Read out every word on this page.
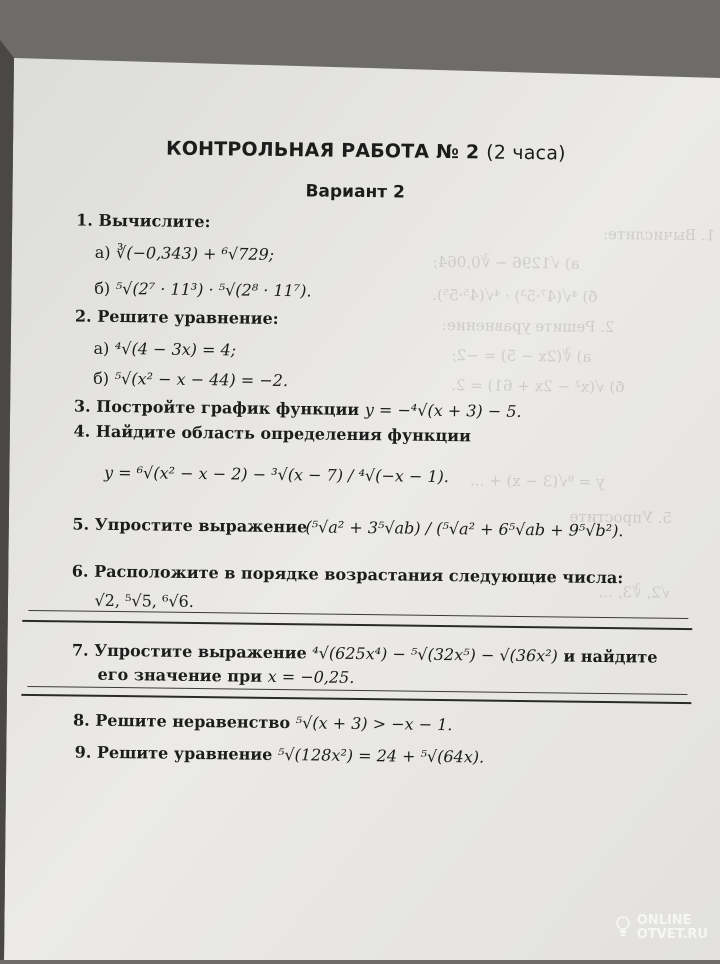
1. Вычислите:
а) √1296 − ∛0,064;
б) ⁴√(4⁷·5³) · ⁴√(4⁵·5⁵).
2. Решите уравнение:
а) ∛(2x − 5) = −2;
б) √(x² − 2x + 61) = 2.
y = ⁸√(3 − x) + ...
5. Упростите
√2, ∛3, ...
КОНТРОЛЬНАЯ РАБОТА № 2 (2 часа)
Вариант 2
1. Вычислите:
а) ∛(−0,343) + ⁶√729;
б) ⁵√(2⁷ · 11³) · ⁵√(2⁸ · 11⁷).
2. Решите уравнение:
а) ⁴√(4 − 3x) = 4;
б) ⁵√(x² − x − 44) = −2.
3. Постройте график функции y = −⁴√(x + 3) − 5.
4. Найдите область определения функции
y = ⁶√(x² − x − 2) − ³√(x − 7) / ⁴√(−x − 1).
5. Упростите выражение
(⁵√a² + 3⁵√ab) / (⁵√a² + 6⁵√ab + 9⁵√b²).
6. Расположите в порядке возрастания следующие числа:
√2, ⁵√5, ⁶√6.
7. Упростите выражение ⁴√(625x⁴) − ⁵√(32x⁵) − √(36x²) и найдите
его значение при x = −0,25.
8. Решите неравенство ⁵√(x + 3) > −x − 1.
9. Решите уравнение ⁵√(128x²) = 24 + ⁵√(64x).
ONLINE
OTVET.RU
